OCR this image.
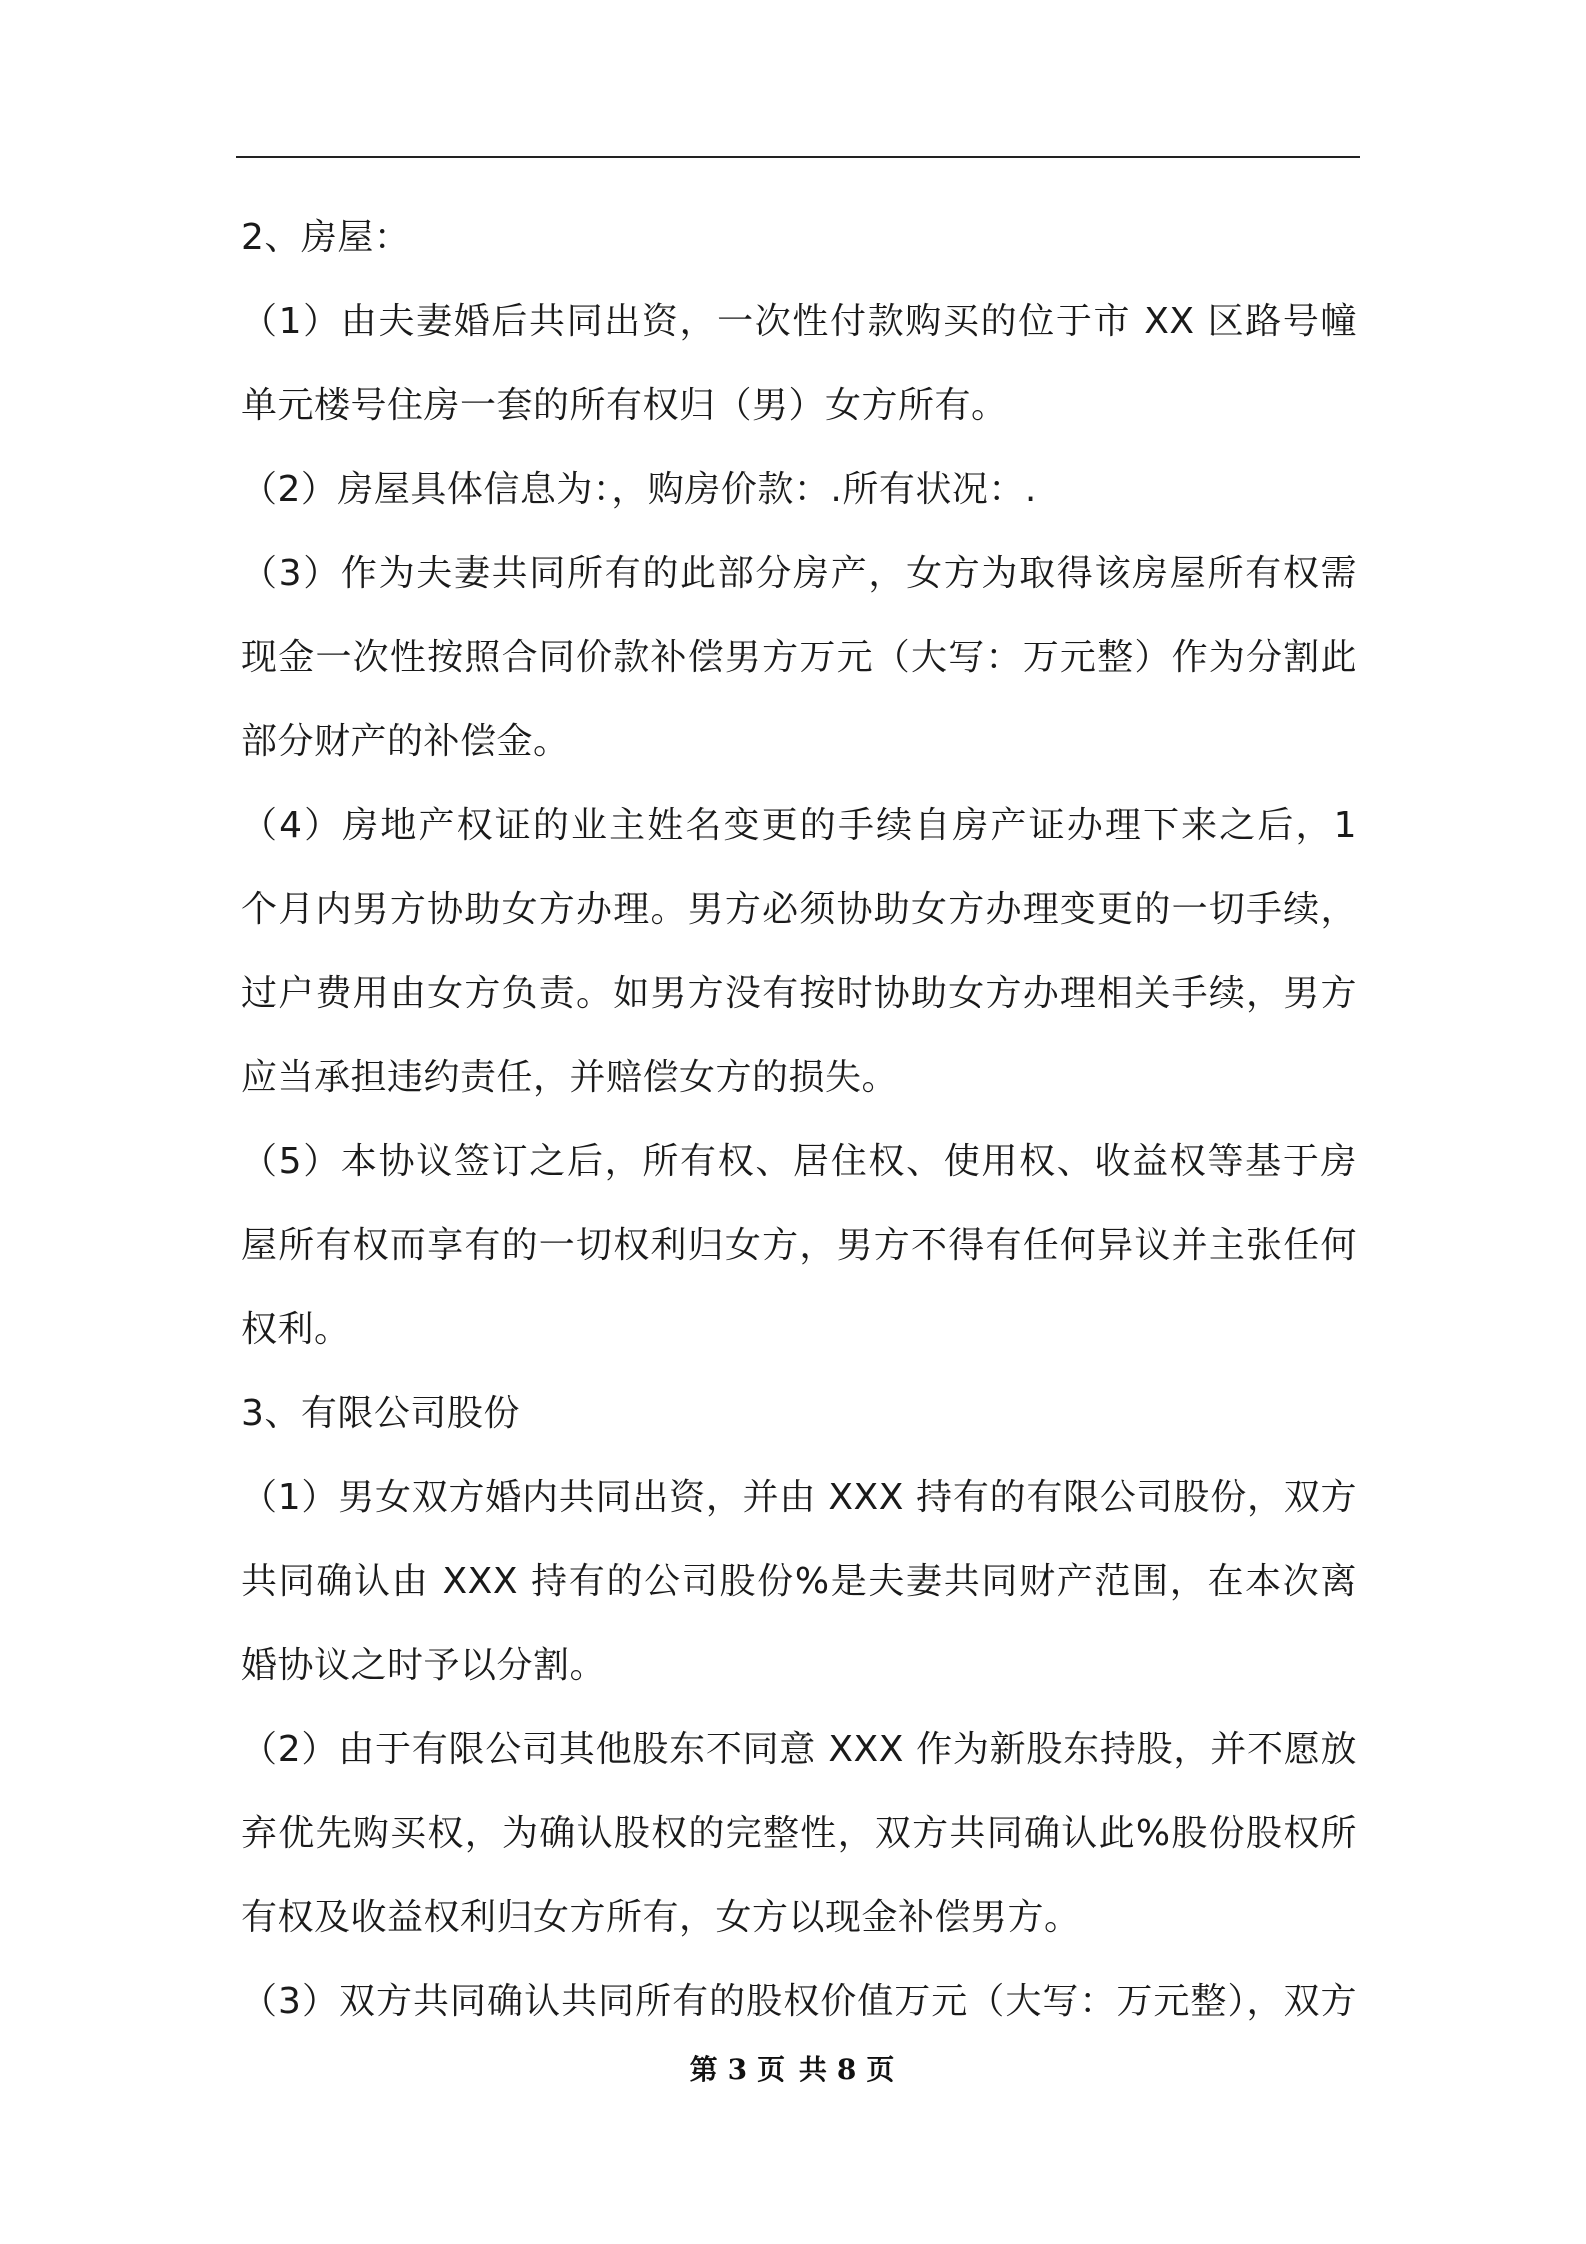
2、房屋：
（1）由夫妻婚后共同出资，一次性付款购买的位于市 XX 区路号幢
单元楼号住房一套的所有权归（男）女方所有。
（2）房屋具体信息为：，购房价款：.所有状况：.
（3）作为夫妻共同所有的此部分房产，女方为取得该房屋所有权需
现金一次性按照合同价款补偿男方万元（大写：万元整）作为分割此
部分财产的补偿金。
（4）房地产权证的业主姓名变更的手续自房产证办理下来之后，1
个月内男方协助女方办理。男方必须协助女方办理变更的一切手续，
过户费用由女方负责。如男方没有按时协助女方办理相关手续，男方
应当承担违约责任，并赔偿女方的损失。
（5）本协议签订之后，所有权、居住权、使用权、收益权等基于房
屋所有权而享有的一切权利归女方，男方不得有任何异议并主张任何
权利。
3、有限公司股份
（1）男女双方婚内共同出资，并由 XXX 持有的有限公司股份，双方
共同确认由 XXX 持有的公司股份%是夫妻共同财产范围，在本次离
婚协议之时予以分割。
（2）由于有限公司其他股东不同意 XXX 作为新股东持股，并不愿放
弃优先购买权，为确认股权的完整性，双方共同确认此%股份股权所
有权及收益权利归女方所有，女方以现金补偿男方。
（3）双方共同确认共同所有的股权价值万元（大写：万元整），双方
第 3 页 共 8 页
